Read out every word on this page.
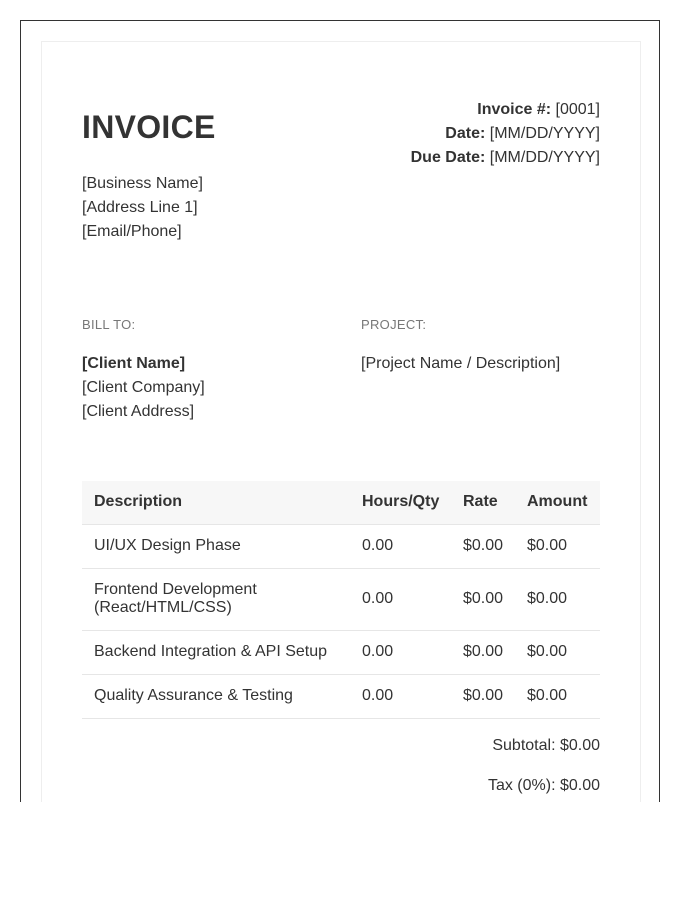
INVOICE	Invoice #: [0001]
Date: [MM/DD/YYYY]
Due Date: [MM/DD/YYYY]
[Business Name]
[Address Line 1]
[Email/Phone]
BILL TO:	PROJECT:
[Client Name]
[Client Company]
[Client Address]
[Project Name / Description]
Description	Hours/Qty	Rate	Amount
UI/UX Design Phase	0.00	$0.00	$0.00
Frontend Development (React/HTML/CSS)	0.00	$0.00	$0.00
Backend Integration & API Setup	0.00	$0.00	$0.00
Quality Assurance & Testing	0.00	$0.00	$0.00
Subtotal: $0.00
Tax (0%): $0.00
